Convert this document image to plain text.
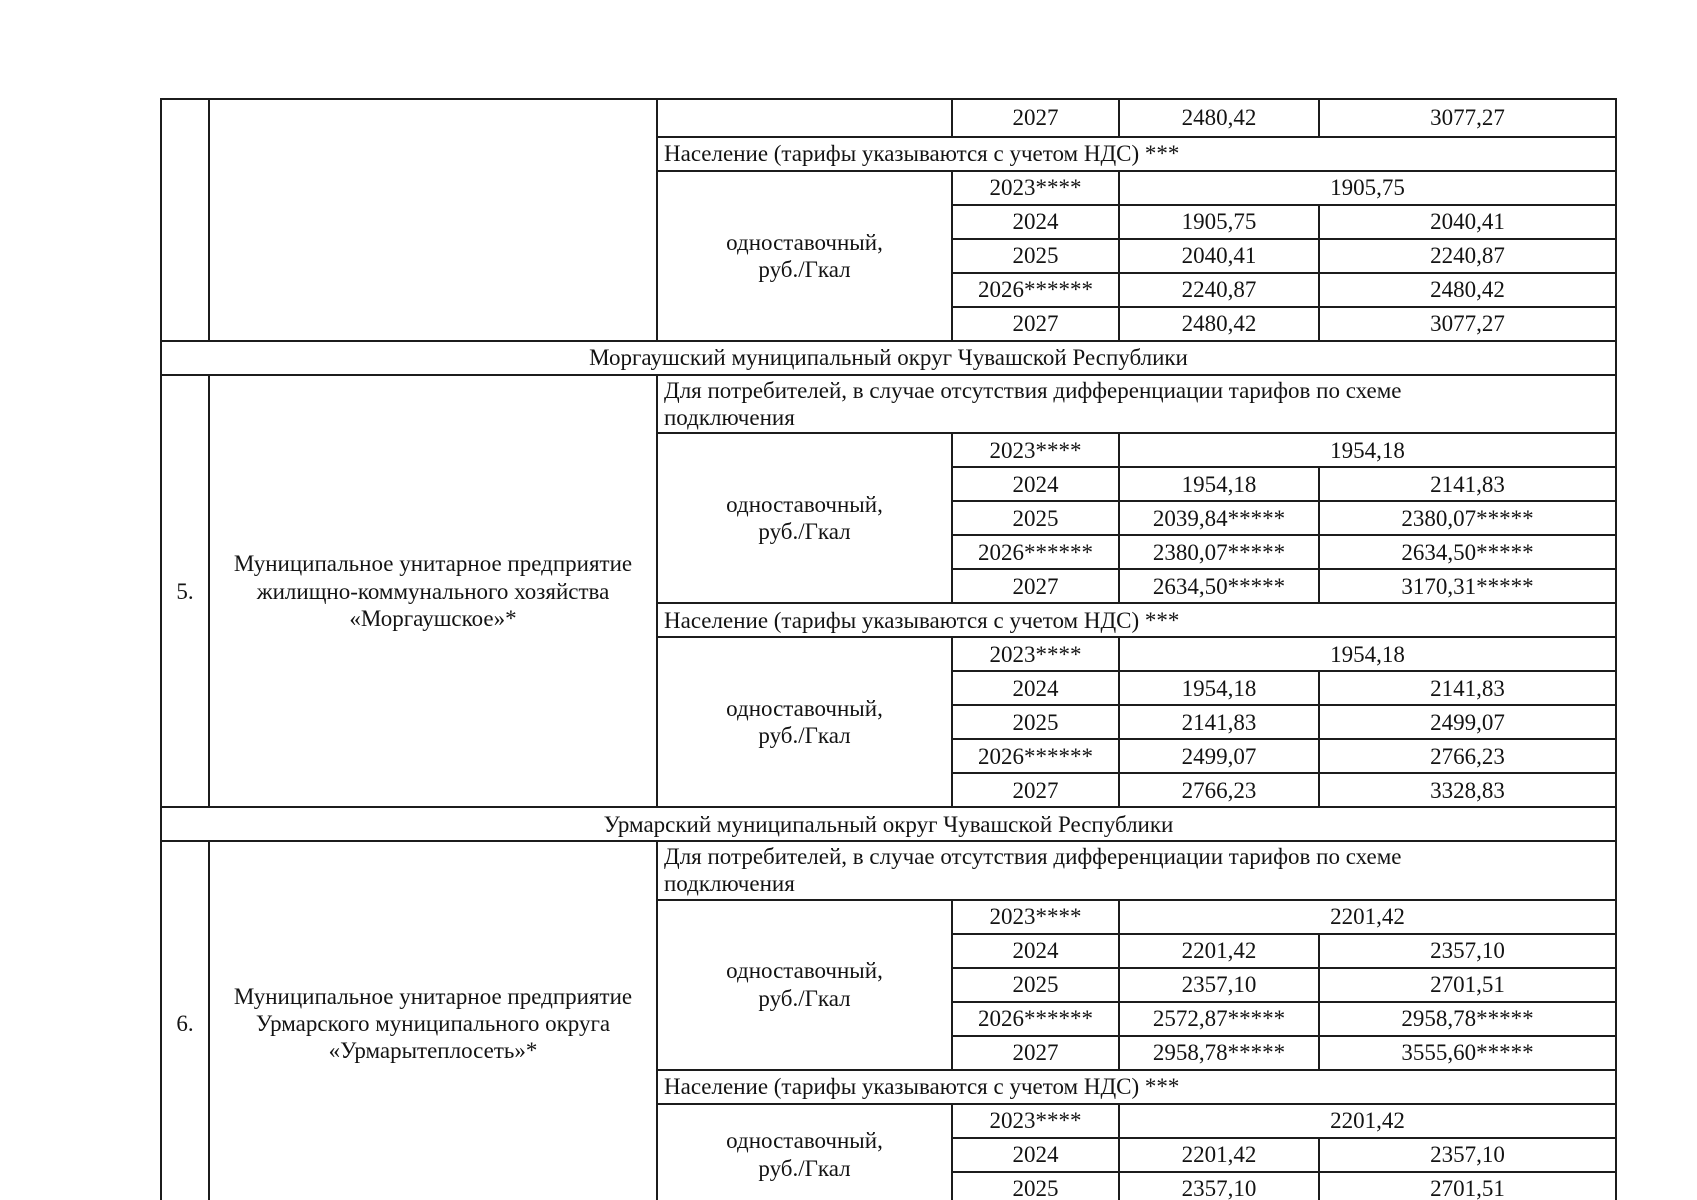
			2027	2480,42	3077,27
		Население (тарифы указываются с учетом НДС) ***			

		одноставочный, руб./Гкал	2023****	1905,75	
			2024	1905,75	2040,41
			2025	2040,41	2240,87
			2026******	2240,87	2480,42
			2027	2480,42	3077,27
Моргаушский муниципальный округ Чувашской Республики					
5.	Муниципальное унитарное предприятие жилищно-коммунального хозяйства «Моргаушское»*	Для потребителей, в случае отсутствия дифференциации тарифов по схеме подключения			

		одноставочный, руб./Гкал	2023****	1954,18	
			2024	1954,18	2141,83
			2025	2039,84*****	2380,07*****
			2026******	2380,07*****	2634,50*****
			2027	2634,50*****	3170,31*****
		Население (тарифы указываются с учетом НДС) ***			

		одноставочный, руб./Гкал	2023****	1954,18	
			2024	1954,18	2141,83
			2025	2141,83	2499,07
			2026******	2499,07	2766,23
			2027	2766,23	3328,83
Урмарский муниципальный округ Чувашской Республики					
6.	Муниципальное унитарное предприятие Урмарского муниципального округа «Урмарытеплосеть»*	Для потребителей, в случае отсутствия дифференциации тарифов по схеме подключения			

		одноставочный, руб./Гкал	2023****	2201,42	
			2024	2201,42	2357,10
			2025	2357,10	2701,51
			2026******	2572,87*****	2958,78*****
			2027	2958,78*****	3555,60*****
		Население (тарифы указываются с учетом НДС) ***			

		одноставочный, руб./Гкал	2023****	2201,42	
			2024	2201,42	2357,10
			2025	2357,10	2701,51
